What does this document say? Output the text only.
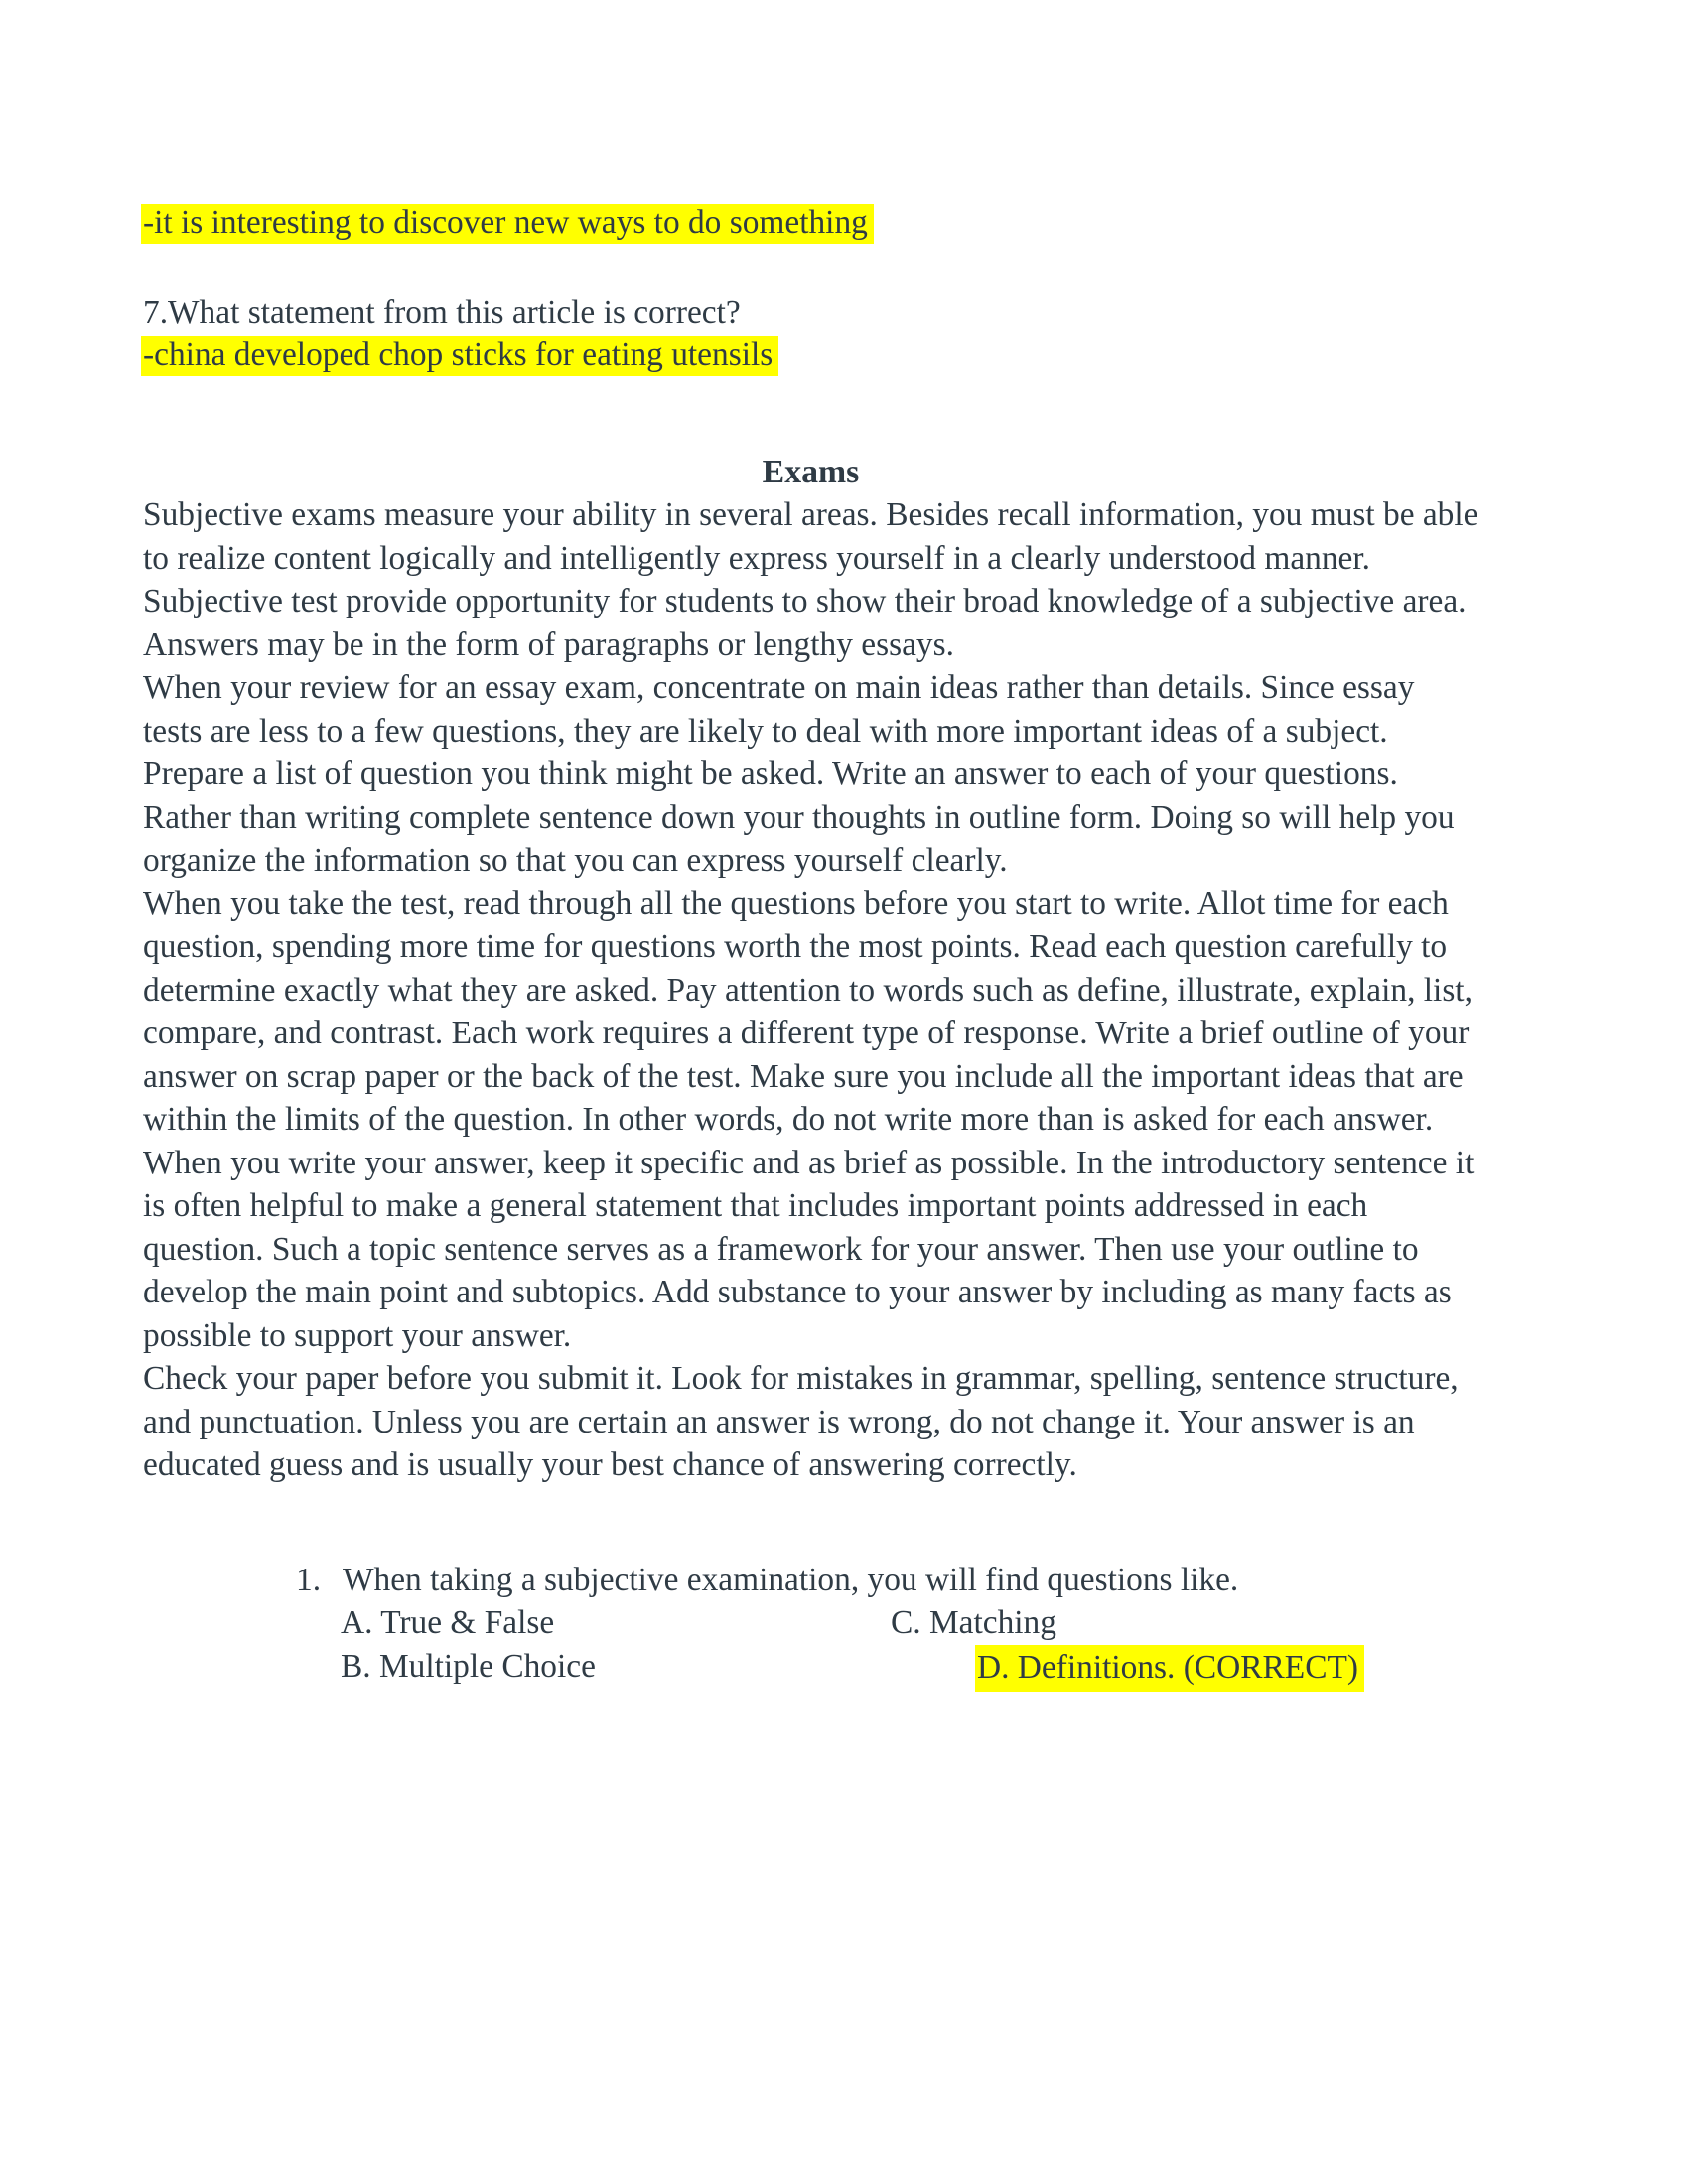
-it is interesting to discover new ways to do something
7.What statement from this article is correct?
-china developed chop sticks for eating utensils
Exams

Subjective exams measure your ability in several areas. Besides recall information, you must be able to realize content logically and intelligently express yourself in a clearly understood manner. Subjective test provide opportunity for students to show their broad knowledge of a subjective area. Answers may be in the form of paragraphs or lengthy essays.

When your review for an essay exam, concentrate on main ideas rather than details. Since essay tests are less to a few questions, they are likely to deal with more important ideas of a subject. Prepare a list of question you think might be asked. Write an answer to each of your questions. Rather than writing complete sentence down your thoughts in outline form. Doing so will help you organize the information so that you can express yourself clearly.

When you take the test, read through all the questions before you start to write. Allot time for each question, spending more time for questions worth the most points. Read each question carefully to determine exactly what they are asked. Pay attention to words such as define, illustrate, explain, list, compare, and contrast. Each work requires a different type of response. Write a brief outline of your answer on scrap paper or the back of the test. Make sure you include all the important ideas that are within the limits of the question. In other words, do not write more than is asked for each answer. When you write your answer, keep it specific and as brief as possible. In the introductory sentence it is often helpful to make a general statement that includes important points addressed in each question. Such a topic sentence serves as a framework for your answer. Then use your outline to develop the main point and subtopics. Add substance to your answer by including as many facts as possible to support your answer.

Check your paper before you submit it. Look for mistakes in grammar, spelling, sentence structure, and punctuation. Unless you are certain an answer is wrong, do not change it. Your answer is an educated guess and is usually your best chance of answering correctly.

1. When taking a subjective examination, you will find questions like.
A. True & False	C. Matching
B. Multiple Choice	D. Definitions. (CORRECT)
